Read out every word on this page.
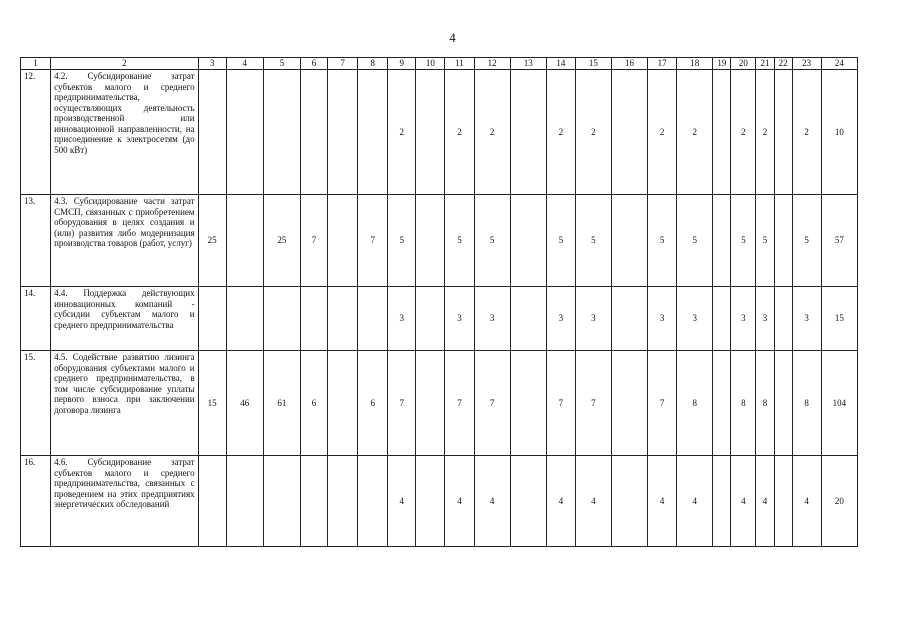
4
1	2	3	4	5	6	7	8	9	10	11	12	13	14	15	16	17	18	19	20	21	22	23	24
12.	4.2. Субсидирование затрат субъектов малого и среднего предпринимательства, осуществляющих деятельность производственной или инновационной направленности, на присоединение к электросетям (до 500 кВт)							2		2	2		2	2		2	2		2	2		2	10
13.	4.3. Субсидирование части затрат СМСП, связанных с приобретением оборудования в целях создания и (или) развития либо модернизация производства товаров (работ, услуг)	25		25	7		7	5		5	5		5	5		5	5		5	5		5	57
14.	4.4. Поддержка действующих инновационных компаний - субсидии субъектам малого и среднего предпринимательства							3		3	3		3	3		3	3		3	3		3	15
15.	4.5. Содействие развитию лизинга оборудования субъектами малого и среднего предпринимательства, в том числе субсидирование уплаты первого взноса при заключении договора лизинга	15	46	61	6		6	7		7	7		7	7		7	8		8	8		8	104
16.	4.6. Субсидирование затрат субъектов малого и среднего предпринимательства, связанных с проведением на этих предприятиях энергетических обследований							4		4	4		4	4		4	4		4	4		4	20
